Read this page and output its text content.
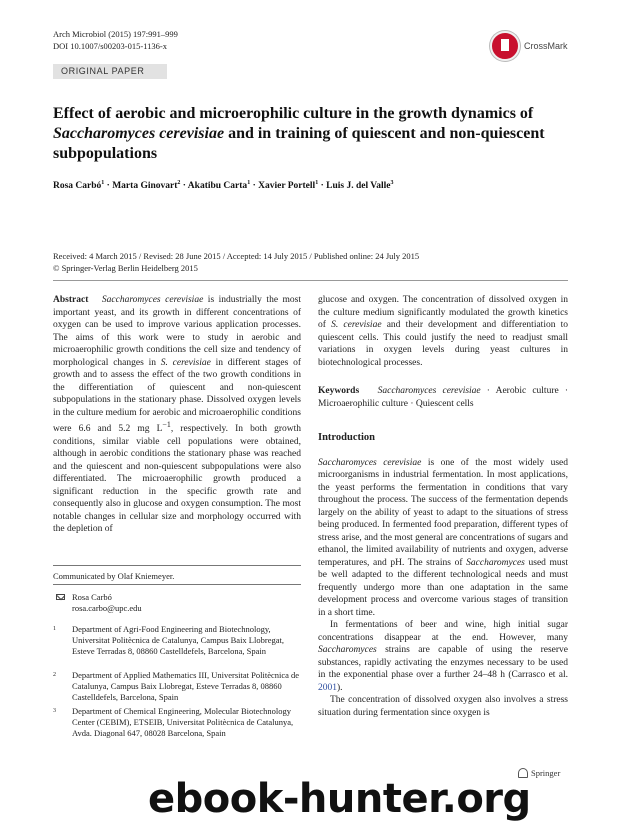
Arch Microbiol (2015) 197:991–999
DOI 10.1007/s00203-015-1136-x	CrossMark
ORIGINAL PAPER
Effect of aerobic and microerophilic culture in the growth dynamics of Saccharomyces cerevisiae and in training of quiescent and non-quiescent subpopulations
Rosa Carbó$^1$ · Marta Ginovart$^2$ · Akatibu Carta$^1$ · Xavier Portell$^1$ · Luis J. del Valle$^3$
Received: 4 March 2015 / Revised: 28 June 2015 / Accepted: 14 July 2015 / Published online: 24 July 2015
© Springer-Verlag Berlin Heidelberg 2015

Abstract Saccharomyces cerevisiae is industrially the most important yeast, and its growth in different concentrations of oxygen can be used to improve various application processes. The aims of this work were to study in aerobic and microaerophilic growth conditions the cell size and tendency of morphological changes in S. cerevisiae in different stages of growth and to assess the effect of the two growth conditions in the differentiation of quiescent and non-quiescent subpopulations in the stationary phase. Dissolved oxygen levels in the culture medium for aerobic and microaerophilic conditions were 6.6 and 5.2 mg $L^{-1}$, respectively. In both growth conditions, similar viable cell populations were obtained, although in aerobic conditions the stationary phase was reached and the quiescent and non-quiescent subpopulations were also differentiated. The microaerophilic growth produced a significant reduction in the specific growth rate and consequently also in glucose and oxygen consumption. The most notable changes in cellular size and morphology occurred with the depletion of

Communicated by Olaf Kniemeyer.
Rosa Carbó
rosa.carbo@upc.edu
1 Department of Agri-Food Engineering and Biotechnology, Universitat Politècnica de Catalunya, Campus Baix Llobregat, Esteve Terradas 8, 08860 Castelldefels, Barcelona, Spain
2 Department of Applied Mathematics III, Universitat Politècnica de Catalunya, Campus Baix Llobregat, Esteve Terradas 8, 08860 Castelldefels, Barcelona, Spain
3 Department of Chemical Engineering, Molecular Biotechnology Center (CEBIM), ETSEIB, Universitat Politècnica de Catalunya, Avda. Diagonal 647, 08028 Barcelona, Spain

glucose and oxygen. The concentration of dissolved oxygen in the culture medium significantly modulated the growth kinetics of S. cerevisiae and their development and differentiation to quiescent cells. This could justify the need to readjust small variations in oxygen levels during yeast cultures in biotechnological processes.

Keywords Saccharomyces cerevisiae · Aerobic culture · Microaerophilic culture · Quiescent cells

Introduction

Saccharomyces cerevisiae is one of the most widely used microorganisms in industrial fermentation. In most applications, the yeast performs the fermentation in conditions that vary throughout the process. The success of the fermentation depends largely on the ability of yeast to adapt to the situations of stress being produced. In fermented food preparation, different types of stress arise, and the most general are concentrations of sugars and ethanol, the limited availability of nutrients and oxygen, adverse temperatures, and pH. The strains of Saccharomyces used must be well adapted to the different technological needs and must frequently undergo more than one adaptation in the same development process and overcome various stages of transition in a short time.

In fermentations of beer and wine, high initial sugar concentrations disappear at the end. However, many Saccharomyces strains are capable of using the reserve substances, rapidly activating the enzymes necessary to be used in the exponential phase over a further 24–48 h (Carrasco et al. 2001).

The concentration of dissolved oxygen also involves a stress situation during fermentation since oxygen is

Springer
ebook-hunter.org
